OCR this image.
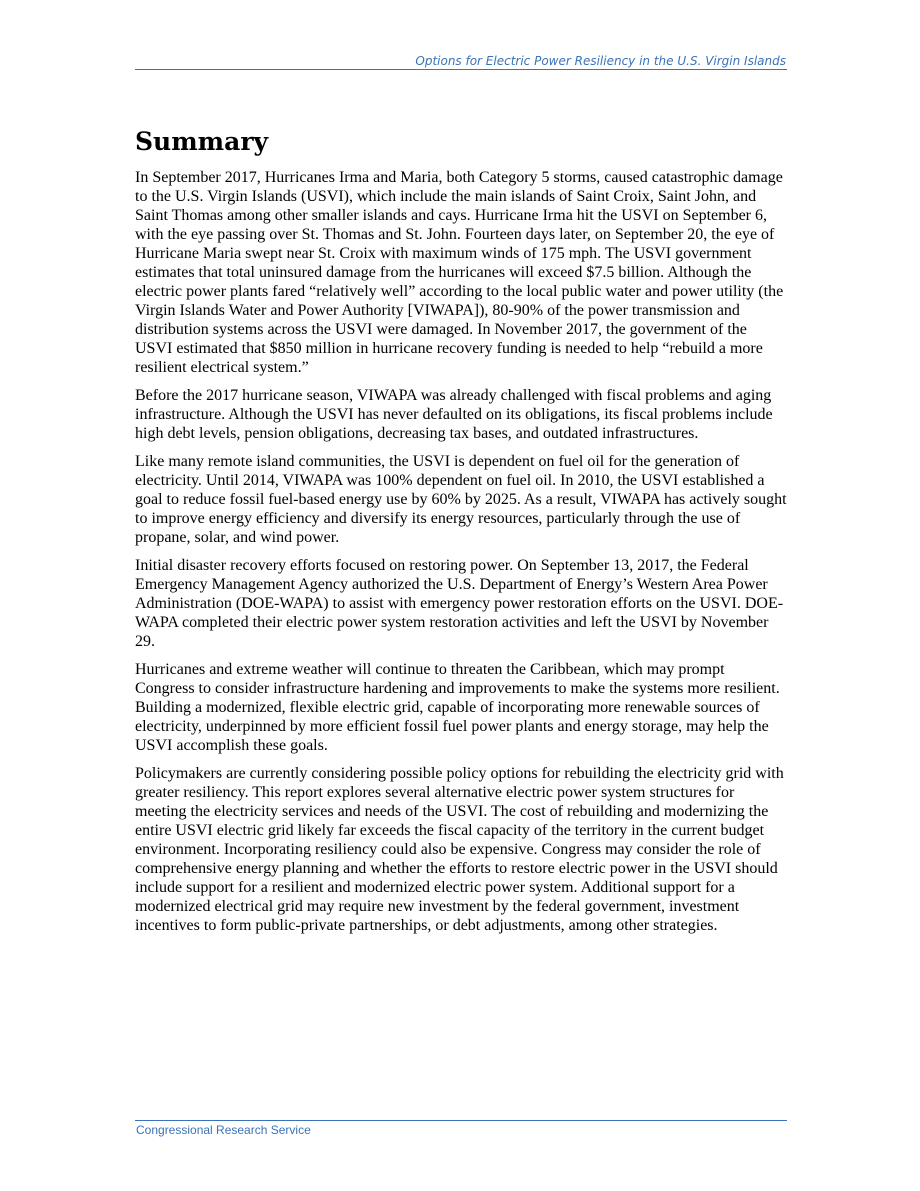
Options for Electric Power Resiliency in the U.S. Virgin Islands
Summary

In September 2017, Hurricanes Irma and Maria, both Category 5 storms, caused catastrophic damage to the U.S. Virgin Islands (USVI), which include the main islands of Saint Croix, Saint John, and Saint Thomas among other smaller islands and cays. Hurricane Irma hit the USVI on September 6, with the eye passing over St. Thomas and St. John. Fourteen days later, on September 20, the eye of Hurricane Maria swept near St. Croix with maximum winds of 175 mph. The USVI government estimates that total uninsured damage from the hurricanes will exceed $7.5 billion. Although the electric power plants fared “relatively well” according to the local public water and power utility (the Virgin Islands Water and Power Authority [VIWAPA]), 80-90% of the power transmission and distribution systems across the USVI were damaged. In November 2017, the government of the USVI estimated that $850 million in hurricane recovery funding is needed to help “rebuild a more resilient electrical system.”

Before the 2017 hurricane season, VIWAPA was already challenged with fiscal problems and aging infrastructure. Although the USVI has never defaulted on its obligations, its fiscal problems include high debt levels, pension obligations, decreasing tax bases, and outdated infrastructures.

Like many remote island communities, the USVI is dependent on fuel oil for the generation of electricity. Until 2014, VIWAPA was 100% dependent on fuel oil. In 2010, the USVI established a goal to reduce fossil fuel-based energy use by 60% by 2025. As a result, VIWAPA has actively sought to improve energy efficiency and diversify its energy resources, particularly through the use of propane, solar, and wind power.

Initial disaster recovery efforts focused on restoring power. On September 13, 2017, the Federal Emergency Management Agency authorized the U.S. Department of Energy’s Western Area Power Administration (DOE-WAPA) to assist with emergency power restoration efforts on the USVI. DOE-WAPA completed their electric power system restoration activities and left the USVI by November 29.

Hurricanes and extreme weather will continue to threaten the Caribbean, which may prompt Congress to consider infrastructure hardening and improvements to make the systems more resilient. Building a modernized, flexible electric grid, capable of incorporating more renewable sources of electricity, underpinned by more efficient fossil fuel power plants and energy storage, may help the USVI accomplish these goals.

Policymakers are currently considering possible policy options for rebuilding the electricity grid with greater resiliency. This report explores several alternative electric power system structures for meeting the electricity services and needs of the USVI. The cost of rebuilding and modernizing the entire USVI electric grid likely far exceeds the fiscal capacity of the territory in the current budget environment. Incorporating resiliency could also be expensive. Congress may consider the role of comprehensive energy planning and whether the efforts to restore electric power in the USVI should include support for a resilient and modernized electric power system. Additional support for a modernized electrical grid may require new investment by the federal government, investment incentives to form public-private partnerships, or debt adjustments, among other strategies.

Congressional Research Service
